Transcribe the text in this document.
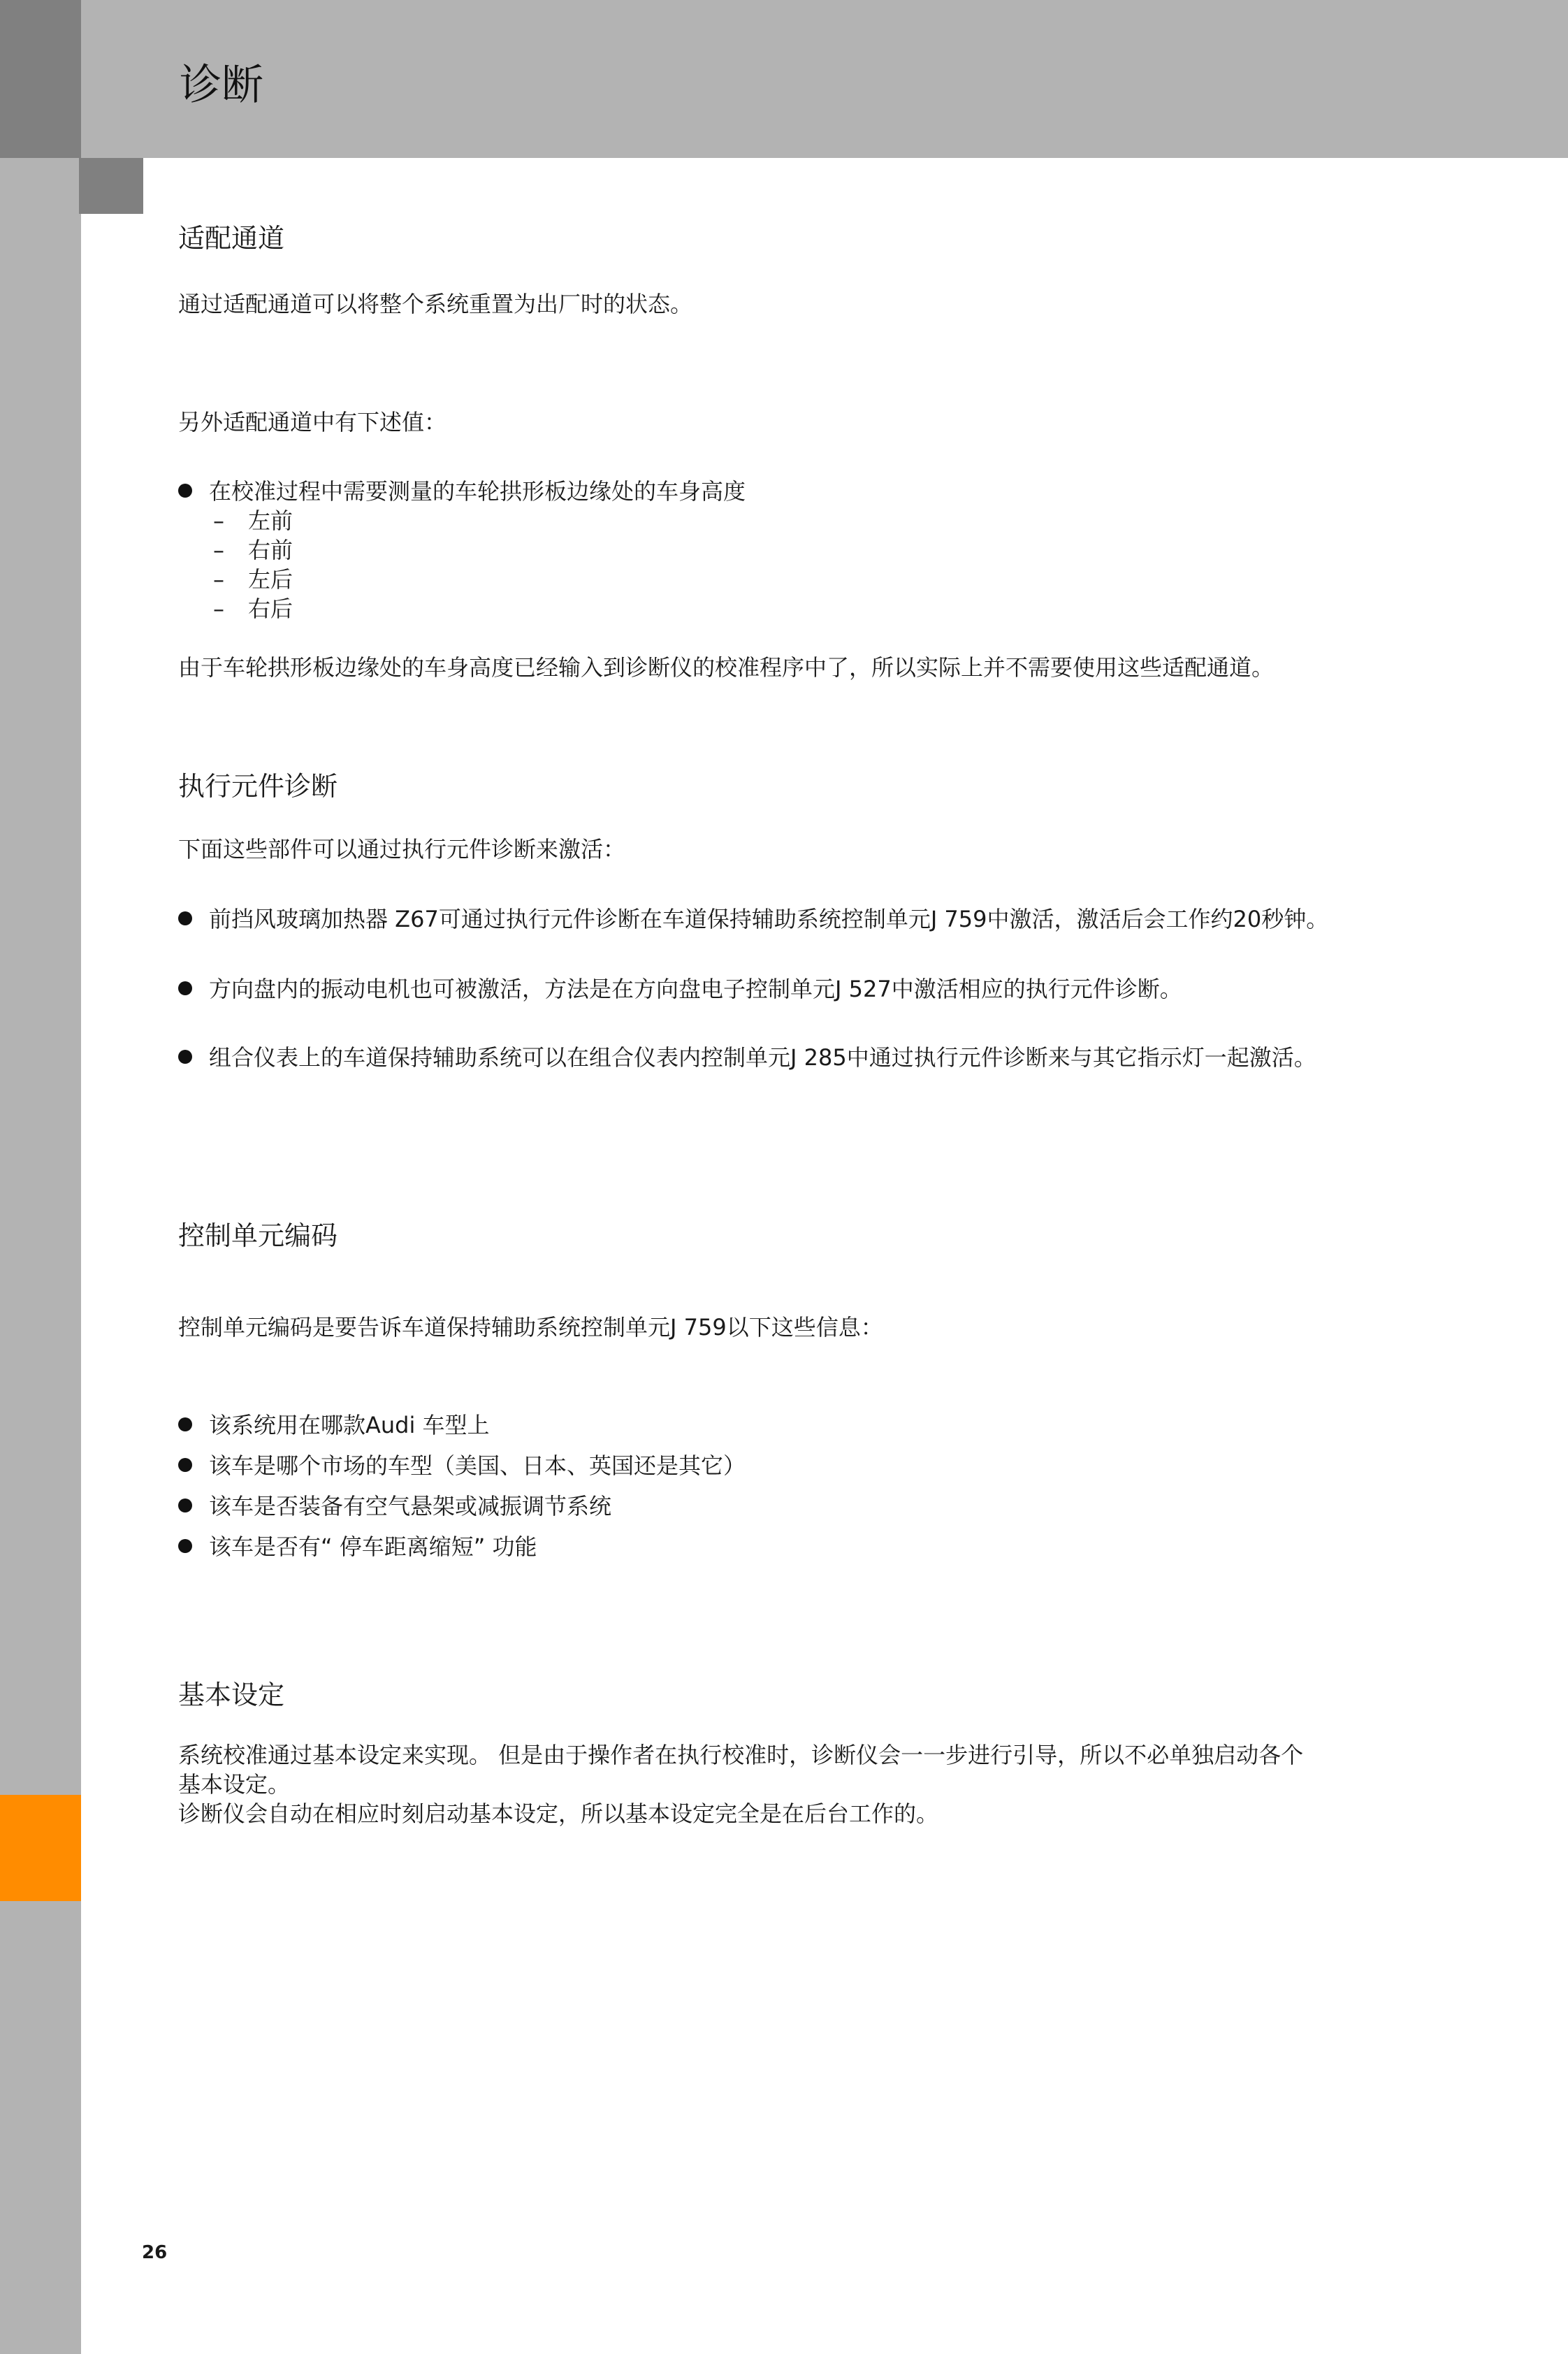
诊断
适配通道
通过适配通道可以将整个系统重置为出厂时的状态。
另外适配通道中有下述值：
在校准过程中需要测量的车轮拱形板边缘处的车身高度
– 左前
– 右前
– 左后
– 右后
由于车轮拱形板边缘处的车身高度已经输入到诊断仪的校准程序中了，所以实际上并不需要使用这些适配通道。
执行元件诊断
下面这些部件可以通过执行元件诊断来激活：
前挡风玻璃加热器 Z67可通过执行元件诊断在车道保持辅助系统控制单元J 759中激活，激活后会工作约20秒钟。
方向盘内的振动电机也可被激活，方法是在方向盘电子控制单元J 527中激活相应的执行元件诊断。
组合仪表上的车道保持辅助系统可以在组合仪表内控制单元J 285中通过执行元件诊断来与其它指示灯一起激活。
控制单元编码
控制单元编码是要告诉车道保持辅助系统控制单元J 759以下这些信息：
该系统用在哪款Audi 车型上
该车是哪个市场的车型（美国、日本、英国还是其它）
该车是否装备有空气悬架或减振调节系统
该车是否有“ 停车距离缩短” 功能
基本设定
系统校准通过基本设定来实现。 但是由于操作者在执行校准时，诊断仪会一一步进行引导，所以不必单独启动各个
基本设定。
诊断仪会自动在相应时刻启动基本设定，所以基本设定完全是在后台工作的。
26
